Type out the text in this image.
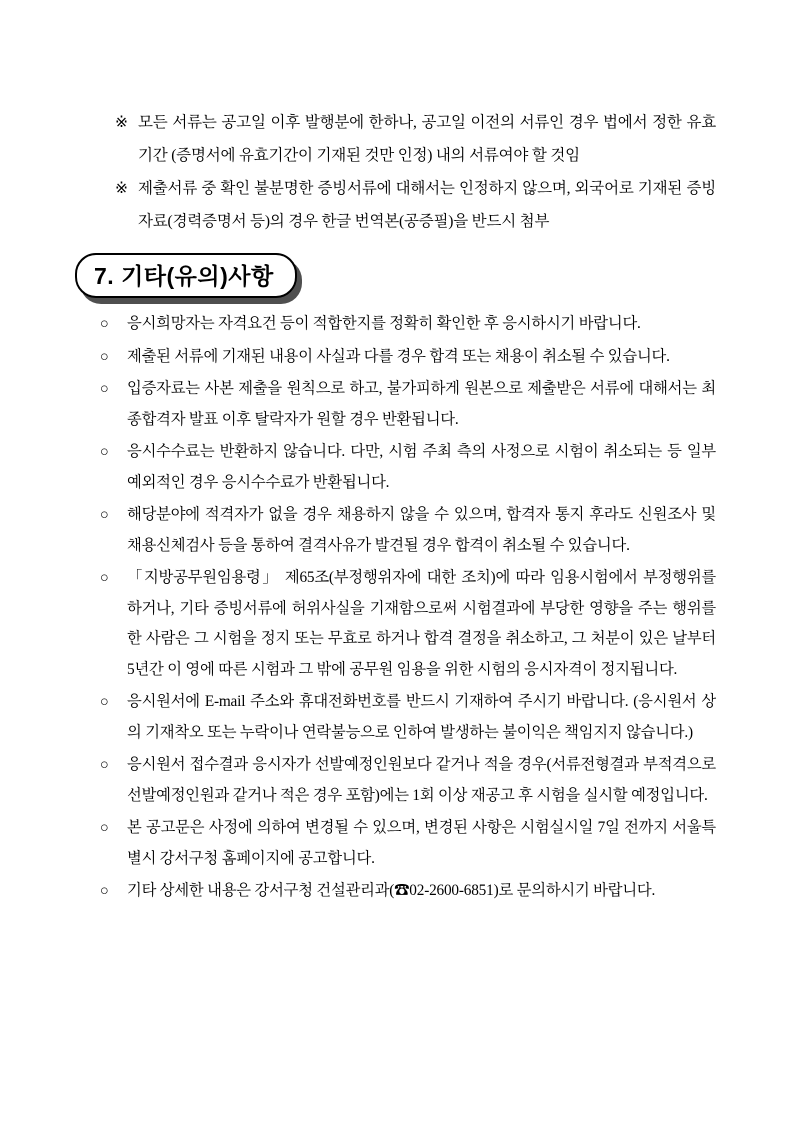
※ 모든 서류는 공고일 이후 발행분에 한하나, 공고일 이전의 서류인 경우 법에서 정한 유효기간 (증명서에 유효기간이 기재된 것만 인정) 내의 서류여야 할 것임
※ 제출서류 중 확인 불분명한 증빙서류에 대해서는 인정하지 않으며, 외국어로 기재된 증빙자료(경력증명서 등)의 경우 한글 번역본(공증필)을 반드시 첨부
7. 기타(유의)사항
○	응시희망자는 자격요건 등이 적합한지를 정확히 확인한 후 응시하시기 바랍니다.
○	제출된 서류에 기재된 내용이 사실과 다를 경우 합격 또는 채용이 취소될 수 있습니다.
○	입증자료는 사본 제출을 원칙으로 하고, 불가피하게 원본으로 제출받은 서류에 대해서는 최종합격자 발표 이후 탈락자가 원할 경우 반환됩니다.
○	응시수수료는 반환하지 않습니다. 다만, 시험 주최 측의 사정으로 시험이 취소되는 등 일부 예외적인 경우 응시수수료가 반환됩니다.
○	해당분야에 적격자가 없을 경우 채용하지 않을 수 있으며, 합격자 통지 후라도 신원조사 및 채용신체검사 등을 통하여 결격사유가 발견될 경우 합격이 취소될 수 있습니다.
○	「지방공무원임용령」 제65조(부정행위자에 대한 조치)에 따라 임용시험에서 부정행위를 하거나, 기타 증빙서류에 허위사실을 기재함으로써 시험결과에 부당한 영향을 주는 행위를 한 사람은 그 시험을 정지 또는 무효로 하거나 합격 결정을 취소하고, 그 처분이 있은 날부터 5년간 이 영에 따른 시험과 그 밖에 공무원 임용을 위한 시험의 응시자격이 정지됩니다.
○	응시원서에 E-mail 주소와 휴대전화번호를 반드시 기재하여 주시기 바랍니다. (응시원서 상의 기재착오 또는 누락이나 연락불능으로 인하여 발생하는 불이익은 책임지지 않습니다.)
○	응시원서 접수결과 응시자가 선발예정인원보다 같거나 적을 경우(서류전형결과 부적격으로 선발예정인원과 같거나 적은 경우 포함)에는 1회 이상 재공고 후 시험을 실시할 예정입니다.
○	본 공고문은 사정에 의하여 변경될 수 있으며, 변경된 사항은 시험실시일 7일 전까지 서울특별시 강서구청 홈페이지에 공고합니다.
○	기타 상세한 내용은 강서구청 건설관리과(☎02-2600-6851)로 문의하시기 바랍니다.
